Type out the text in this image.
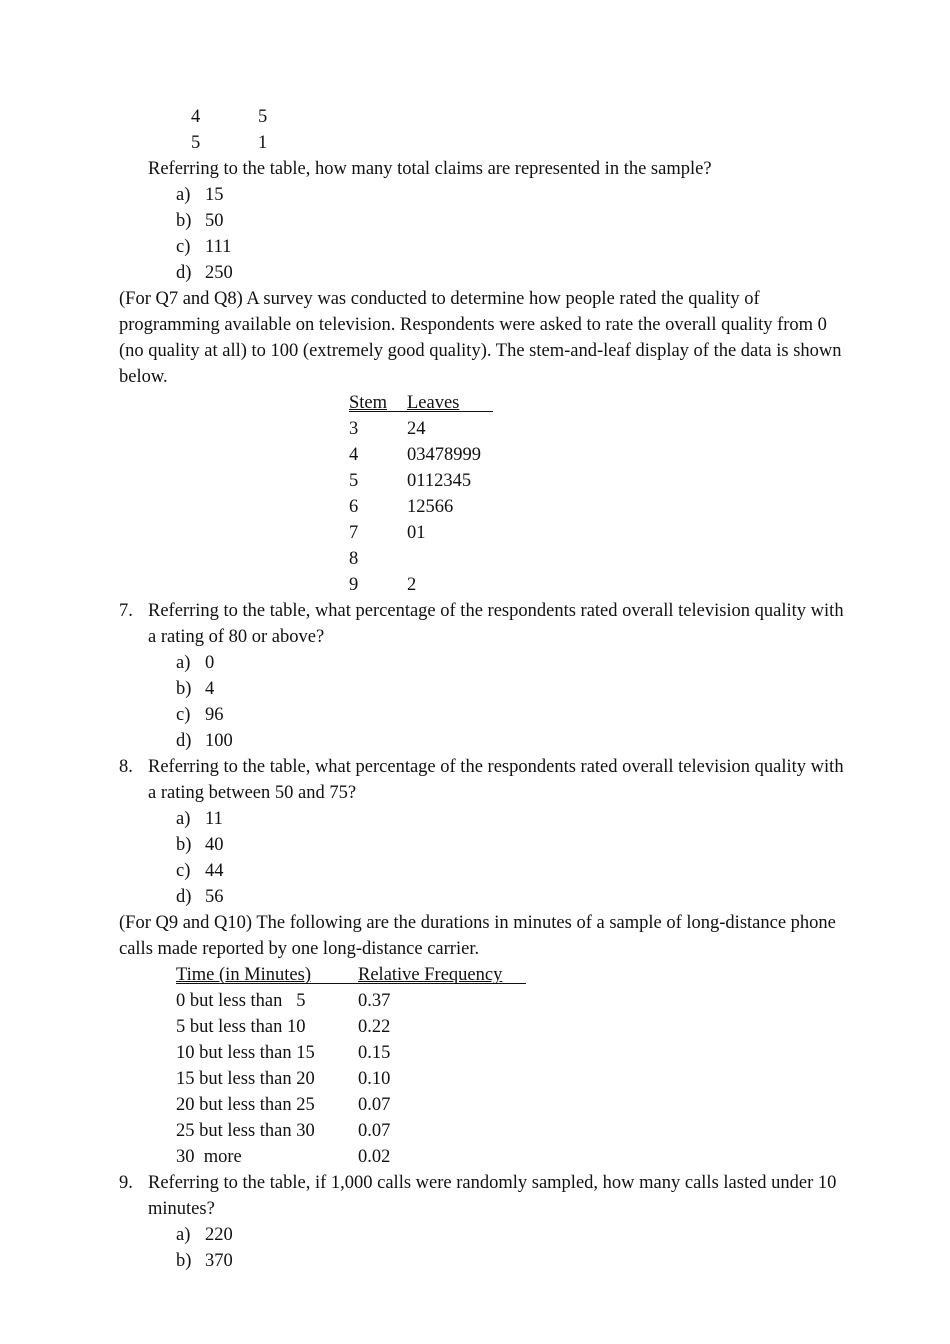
4	5
5	1
Referring to the table, how many total claims are represented in the sample?
a) 15
b) 50
c) 111
d) 250
(For Q7 and Q8) A survey was conducted to determine how people rated the quality of programming available on television. Respondents were asked to rate the overall quality from 0 (no quality at all) to 100 (extremely good quality). The stem-and-leaf display of the data is shown below.
Stem Leaves
3	24
4	03478999
5	0112345
6	12566
7	01
8
9	2
7. Referring to the table, what percentage of the respondents rated overall television quality with a rating of 80 or above?
a) 0
b) 4
c) 96
d) 100
8. Referring to the table, what percentage of the respondents rated overall television quality with a rating between 50 and 75?
a) 11
b) 40
c) 44
d) 56
(For Q9 and Q10) The following are the durations in minutes of a sample of long-distance phone calls made reported by one long-distance carrier.
Time (in Minutes)	Relative Frequency
0 but less than   5	0.37
5 but less than 10	0.22
10 but less than 15 0.15
15 but less than 20 0.10
20 but less than 25 0.07
25 but less than 30 0.07
30  more	0.02
9. Referring to the table, if 1,000 calls were randomly sampled, how many calls lasted under 10 minutes?
a) 220
b) 370
